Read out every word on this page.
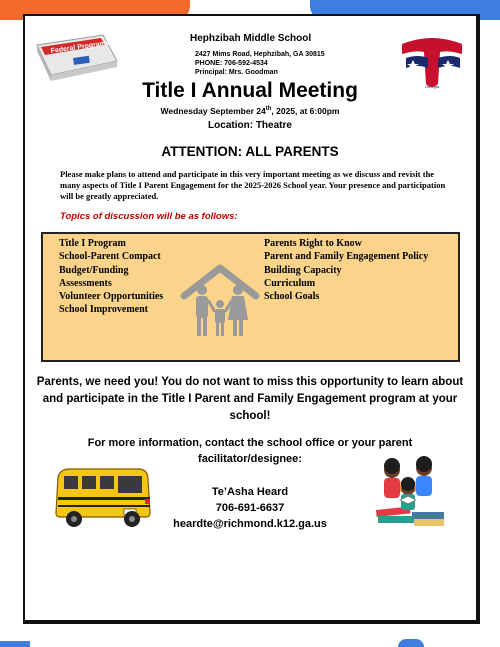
Federal Programs
Georgia
Hephzibah Middle School
2427 Mims Road, Hephzibah, GA 30815
PHONE: 706-592-4534
Principal: Mrs. Goodman
Title I Annual Meeting
Wednesday September 24th, 2025, at 6:00pm
Location: Theatre
ATTENTION: ALL PARENTS
Please make plans to attend and participate in this very important meeting as we discuss and revisit the many aspects of Title I Parent Engagement for the 2025-2026 School year. Your presence and participation will be greatly appreciated.
Topics of discussion will be as follows:
Title I Program
School-Parent Compact
Budget/Funding
Assessments
Volunteer Opportunities
School Improvement
Parents Right to Know
Parent and Family Engagement Policy
Building Capacity
Curriculum
School Goals
Parents, we need you! You do not want to miss this opportunity to learn about and participate in the Title I Parent and Family Engagement program at your school!
For more information, contact the school office or your parent facilitator/designee:
Te’Asha Heard
706-691-6637
heardte@richmond.k12.ga.us
